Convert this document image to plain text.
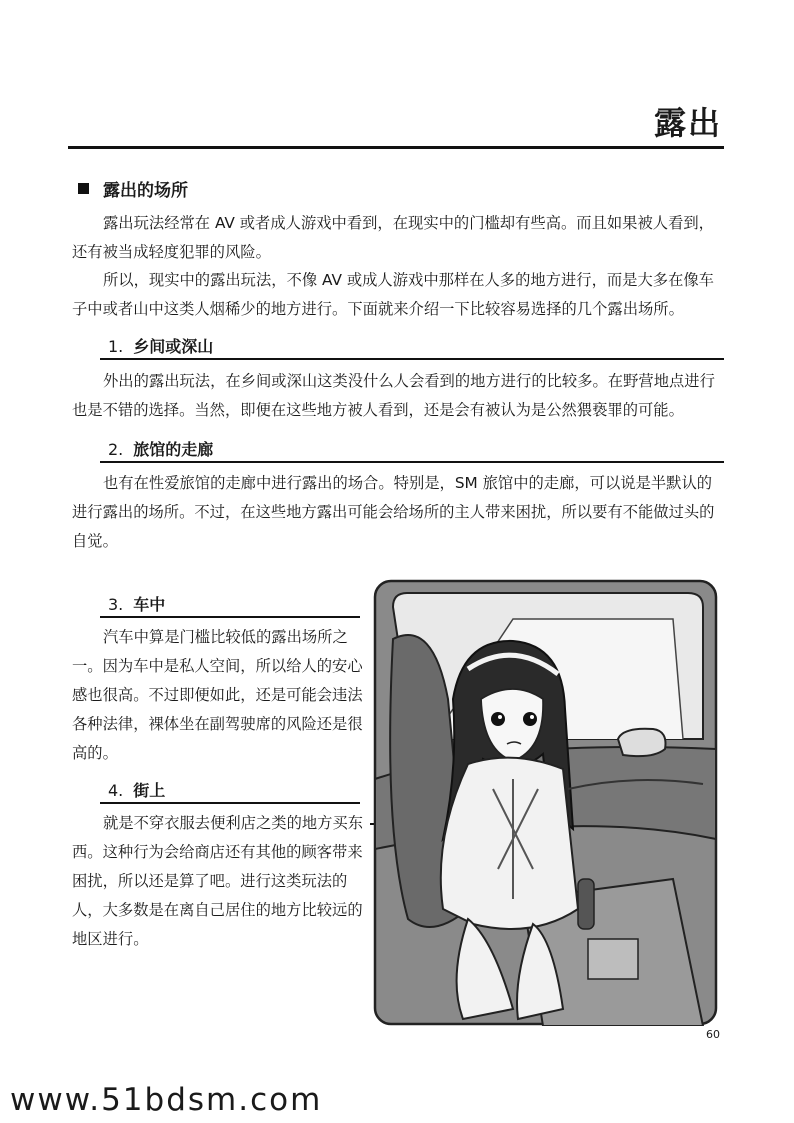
露出
露出的场所

露出玩法经常在 AV 或者成人游戏中看到，在现实中的门槛却有些高。而且如果被人看到，还有被当成轻度犯罪的风险。

所以，现实中的露出玩法，不像 AV 或成人游戏中那样在人多的地方进行，而是大多在像车子中或者山中这类人烟稀少的地方进行。下面就来介绍一下比较容易选择的几个露出场所。

1. 乡间或深山

外出的露出玩法，在乡间或深山这类没什么人会看到的地方进行的比较多。在野营地点进行也是不错的选择。当然，即便在这些地方被人看到，还是会有被认为是公然猥亵罪的可能。

2. 旅馆的走廊

也有在性爱旅馆的走廊中进行露出的场合。特别是，SM 旅馆中的走廊，可以说是半默认的进行露出的场所。不过，在这些地方露出可能会给场所的主人带来困扰，所以要有不能做过头的自觉。

3. 车中

汽车中算是门槛比较低的露出场所之一。因为车中是私人空间，所以给人的安心感也很高。不过即便如此，还是可能会违法各种法律，裸体坐在副驾驶席的风险还是很高的。

4. 街上

就是不穿衣服去便利店之类的地方买东西。这种行为会给商店还有其他的顾客带来困扰，所以还是算了吧。进行这类玩法的人，大多数是在离自己居住的地方比较远的地区进行。

60
www.51bdsm.com
